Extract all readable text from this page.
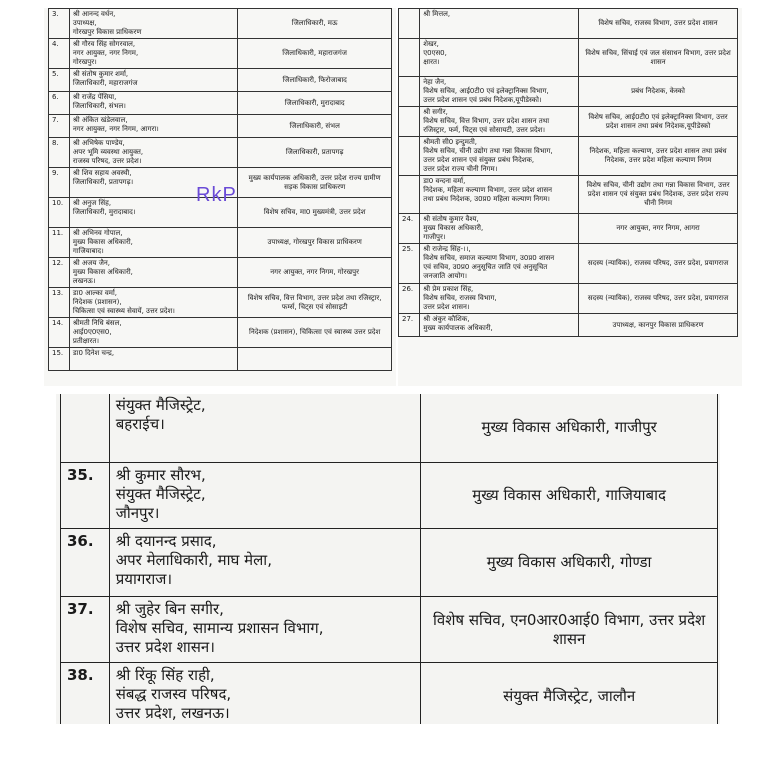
3.	श्री आनन्द वर्धन,
उपाध्यक्ष,
गोरखपुर विकास प्राधिकरण	जिलाधिकारी, मऊ
4.	श्री गौरव सिंह सोगरवाल,
नगर आयुक्त, नगर निगम,
गोरखपुर।	जिलाधिकारी, महाराजगंज
5.	श्री संतोष कुमार शर्मा,
जिलाधिकारी, महाराजगंज	जिलाधिकारी, फिरोजाबाद
6.	श्री राजेंद्र पेंसिया,
जिलाधिकारी, संभल।	जिलाधिकारी, मुरादाबाद
7.	श्री अंकित खंडेलवाल,
नगर आयुक्त, नगर निगम, आगरा।	जिलाधिकारी, संभल
8.	श्री अभिषेक पाण्डेय,
अपर भूमि व्यवस्था आयुक्त,
राजस्व परिषद, उत्तर प्रदेश।	जिलाधिकारी, प्रतापगढ़
9.	श्री शिव सहाय अवस्थी,
जिलाधिकारी, प्रतापगढ़।	मुख्य कार्यपालक अधिकारी, उत्तर प्रदेश राज्य ग्रामीण सड़क विकास प्राधिकरण
10.	श्री अनुज सिंह,
जिलाधिकारी, मुरादाबाद।	विशेष सचिव, मा0 मुख्यमंत्री, उत्तर प्रदेश
11.	श्री अभिनव गोपाल,
मुख्य विकास अधिकारी,
गाजियाबाद।	उपाध्यक्ष, गोरखपुर विकास प्राधिकरण
12.	श्री अजय जैन,
मुख्य विकास अधिकारी,
लखनऊ।	नगर आयुक्त, नगर निगम, गोरखपुर
13.	डा0 आल्का वर्मा,
निदेशक (प्रशासन),
चिकित्सा एवं स्वास्थ्य सेवायें, उत्तर प्रदेश।	विशेष सचिव, वित्त विभाग, उत्तर प्रदेश तथा रजिस्ट्रार, फर्म्स, चिट्स एवं सोसाइटी
14.	श्रीमती निधि बंसल,
आई0ए0एस0,
प्रतीक्षारत।	निदेशक (प्रशासन), चिकित्सा एवं स्वास्थ्य उत्तर प्रदेश
15.	डा0 दिनेश चन्द्र,	

	श्री मित्तल,	विशेष सचिव, राजस्व विभाग, उत्तर प्रदेश शासन

	शेखर,
ए0एस0,
क्षारत।	विशेष सचिव, सिंचाई एवं जल संसाधन विभाग, उत्तर प्रदेश शासन

	नेहा जैन,
विशेष सचिव, आई0टी0 एवं इलेक्ट्रानिक्स विभाग,
उत्तर प्रदेश शासन एवं प्रबंध निदेशक,यूपीडेस्को।	प्रबंध निदेशक, केस्को

	श्री सगीर,
विशेष सचिव, वित्त विभाग, उत्तर प्रदेश शासन तथा
रजिस्ट्रार, फर्म, चिट्स एवं सोसायटी, उत्तर प्रदेश।	विशेष सचिव, आई0टी0 एवं इलेक्ट्रानिक्स विभाग, उत्तर प्रदेश शासन तथा प्रबंध निदेशक,यूपीडेस्को

	श्रीमती सी0 इन्दुमती,
विशेष सचिव, चीनी उद्योग तथा गन्ना विकास विभाग,
उत्तर प्रदेश शासन एवं संयुक्त प्रबंध निदेशक,
उत्तर प्रदेश राज्य चीनी निगम।	निदेशक, महिला कल्याण, उत्तर प्रदेश शासन तथा प्रबंध निदेशक, उत्तर प्रदेश महिला कल्याण निगम

	डा0 वन्दना वर्मा,
निदेशक, महिला कल्याण विभाग, उत्तर प्रदेश शासन
तथा प्रबंध निदेशक, उ0प्र0 महिला कल्याण निगम।	विशेष सचिव, चीनी उद्योग तथा गन्ना विकास विभाग, उत्तर प्रदेश शासन एवं संयुक्त प्रबंध निदेशक, उत्तर प्रदेश राज्य चीनी निगम
24.	श्री संतोष कुमार वैश्य,
मुख्य विकास अधिकारी,
गाजीपुर।	नगर आयुक्त, नगर निगम, आगरा
25.	श्री राजेन्द्र सिंह-।।,
विशेष सचिव, समाज कल्याण विभाग, उ0प्र0 शासन
एवं सचिव, उ0प्र0 अनुसूचित जाति एवं अनुसूचित
जनजाति आयोग।	सदस्य (न्यायिक), राजस्व परिषद, उत्तर प्रदेश, प्रयागराज
26.	श्री प्रेम प्रकाश सिंह,
विशेष सचिव, राजस्व विभाग,
उत्तर प्रदेश शासन।	सदस्य (न्यायिक), राजस्व परिषद, उत्तर प्रदेश, प्रयागराज
27.	श्री अंकुर कौशिक,
मुख्य कार्यपालक अधिकारी,	उपाध्यक्ष, कानपुर विकास प्राधिकरण
RkP

	संयुक्त मैजिस्ट्रेट,
बहराईच।	मुख्य विकास अधिकारी, गाजीपुर
35.	श्री कुमार सौरभ,
संयुक्त मैजिस्ट्रेट,
जौनपुर।	मुख्य विकास अधिकारी, गाजियाबाद
36.	श्री दयानन्द प्रसाद,
अपर मेलाधिकारी, माघ मेला,
प्रयागराज।	मुख्य विकास अधिकारी, गोण्डा
37.	श्री जुहेर बिन सगीर,
विशेष सचिव, सामान्य प्रशासन विभाग,
उत्तर प्रदेश शासन।	विशेष सचिव, एन0आर0आई0 विभाग, उत्तर प्रदेश शासन
38.	श्री रिंकू सिंह राही,
संबद्ध राजस्व परिषद,
उत्तर प्रदेश, लखनऊ।	संयुक्त मैजिस्ट्रेट, जालौन
